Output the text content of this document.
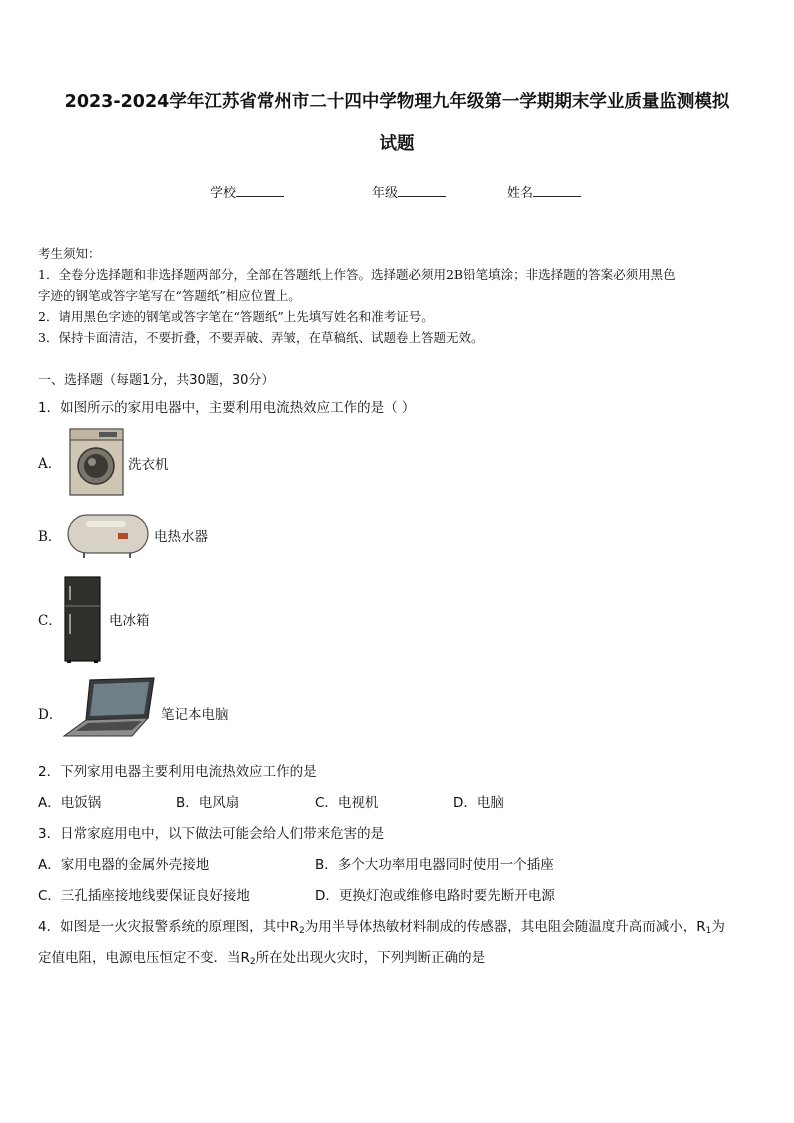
2023-2024学年江苏省常州市二十四中学物理九年级第一学期期末学业质量监测模拟
试题
学校	年级	姓名
考生须知：
1．全卷分选择题和非选择题两部分，全部在答题纸上作答。选择题必须用2B铅笔填涂；非选择题的答案必须用黑色
字迹的钢笔或答字笔写在“答题纸”相应位置上。
2．请用黑色字迹的钢笔或答字笔在“答题纸”上先填写姓名和准考证号。
3．保持卡面清洁，不要折叠，不要弄破、弄皱，在草稿纸、试题卷上答题无效。
一、选择题（每题1分，共30题，30分）
1．如图所示的家用电器中，主要利用电流热效应工作的是（ ）
A．	洗衣机
B．	电热水器
C．	电冰箱
D．	笔记本电脑
2．下列家用电器主要利用电流热效应工作的是
A．电饭锅	B．电风扇	C．电视机	D．电脑
3．日常家庭用电中，以下做法可能会给人们带来危害的是
A．家用电器的金属外壳接地	B．多个大功率用电器同时使用一个插座
C．三孔插座接地线要保证良好接地	D．更换灯泡或维修电路时要先断开电源
4．如图是一火灾报警系统的原理图，其中$R_2$为用半导体热敏材料制成的传感器，其电阻会随温度升高而减小，$R_1$为
定值电阻，电源电压恒定不变．当$R_2$所在处出现火灾时，下列判断正确的是
